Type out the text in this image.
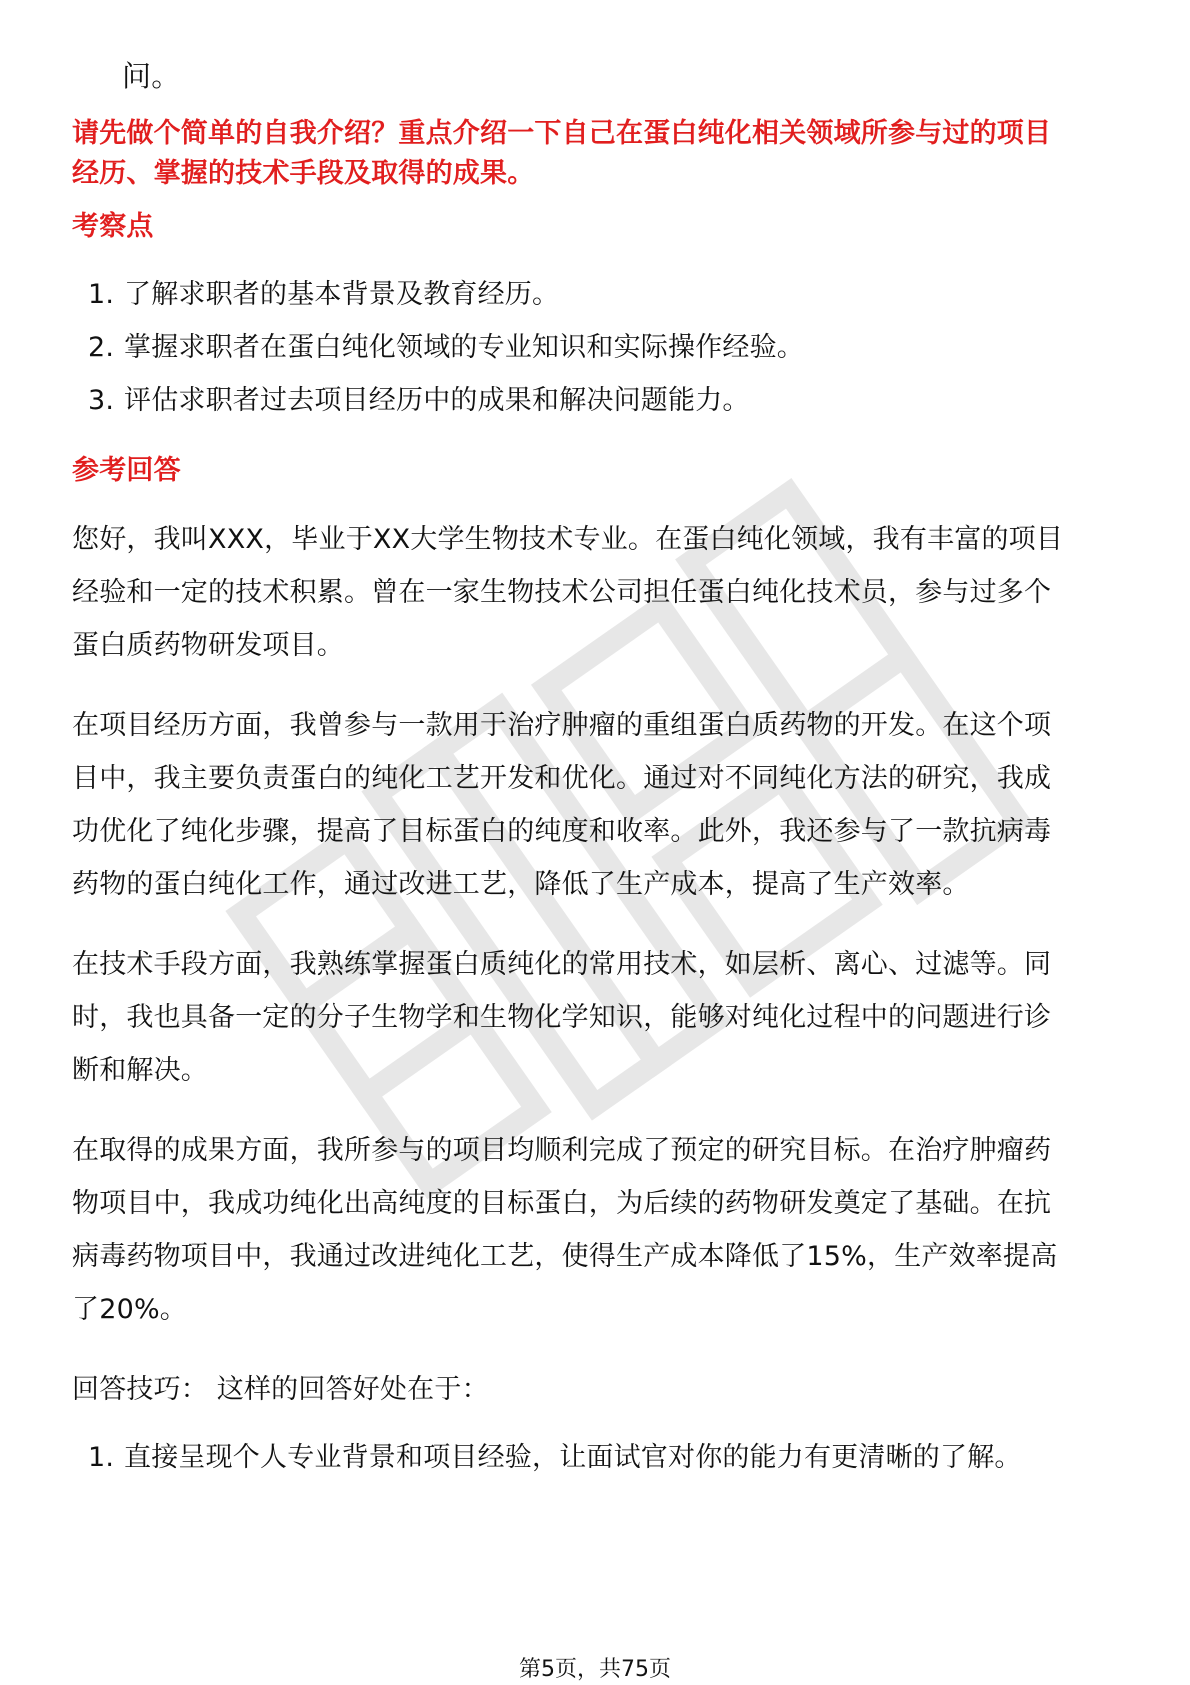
问。
请先做个简单的自我介绍？重点介绍一下自己在蛋白纯化相关领域所参与过的项目
经历、掌握的技术手段及取得的成果。
考察点
1. 了解求职者的基本背景及教育经历。
2. 掌握求职者在蛋白纯化领域的专业知识和实际操作经验。
3. 评估求职者过去项目经历中的成果和解决问题能力。
参考回答
您好，我叫XXX，毕业于XX大学生物技术专业。在蛋白纯化领域，我有丰富的项目
经验和一定的技术积累。曾在一家生物技术公司担任蛋白纯化技术员，参与过多个
蛋白质药物研发项目。
在项目经历方面，我曾参与一款用于治疗肿瘤的重组蛋白质药物的开发。在这个项
目中，我主要负责蛋白的纯化工艺开发和优化。通过对不同纯化方法的研究，我成
功优化了纯化步骤，提高了目标蛋白的纯度和收率。此外，我还参与了一款抗病毒
药物的蛋白纯化工作，通过改进工艺，降低了生产成本，提高了生产效率。
在技术手段方面，我熟练掌握蛋白质纯化的常用技术，如层析、离心、过滤等。同
时，我也具备一定的分子生物学和生物化学知识，能够对纯化过程中的问题进行诊
断和解决。
在取得的成果方面，我所参与的项目均顺利完成了预定的研究目标。在治疗肿瘤药
物项目中，我成功纯化出高纯度的目标蛋白，为后续的药物研发奠定了基础。在抗
病毒药物项目中，我通过改进纯化工艺，使得生产成本降低了15%，生产效率提高
了20%。
回答技巧： 这样的回答好处在于：
1. 直接呈现个人专业背景和项目经验，让面试官对你的能力有更清晰的了解。
第5页，共75页
